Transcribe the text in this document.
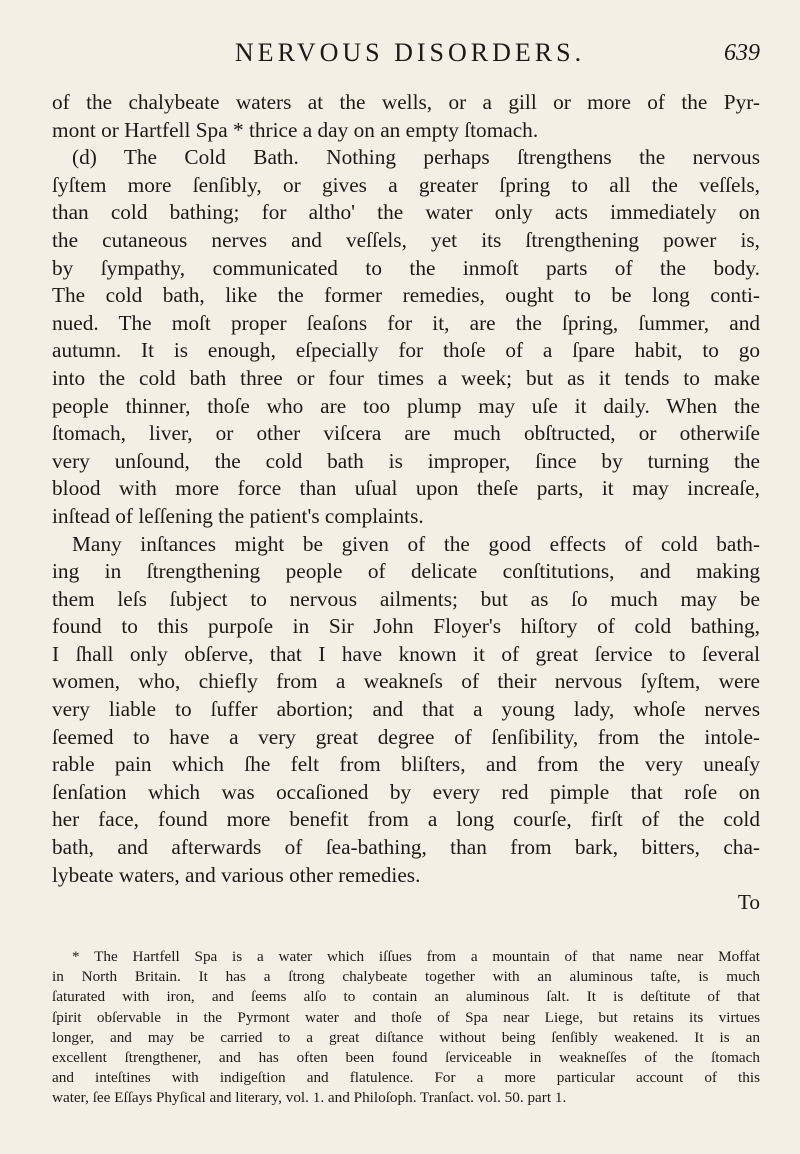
NERVOUS DISORDERS.	639
of the chalybeate waters at the wells, or a gill or more of the Pyr-
mont or Hartfell Spa * thrice a day on an empty ſtomach.
(d) The Cold Bath. Nothing perhaps ſtrengthens the nervous
ſyſtem more ſenſibly, or gives a greater ſpring to all the veſſels,
than cold bathing; for altho' the water only acts immediately on
the cutaneous nerves and veſſels, yet its ſtrengthening power is,
by ſympathy, communicated to the inmoſt parts of the body.
The cold bath, like the former remedies, ought to be long conti-
nued. The moſt proper ſeaſons for it, are the ſpring, ſummer, and
autumn. It is enough, eſpecially for thoſe of a ſpare habit, to go
into the cold bath three or four times a week; but as it tends to make
people thinner, thoſe who are too plump may uſe it daily. When the
ſtomach, liver, or other viſcera are much obſtructed, or otherwiſe
very unſound, the cold bath is improper, ſince by turning the
blood with more force than uſual upon theſe parts, it may increaſe,
inſtead of leſſening the patient's complaints.
Many inſtances might be given of the good effects of cold bath-
ing in ſtrengthening people of delicate conſtitutions, and making
them leſs ſubject to nervous ailments; but as ſo much may be
found to this purpoſe in Sir John Floyer's hiſtory of cold bathing,
I ſhall only obſerve, that I have known it of great ſervice to ſeveral
women, who, chiefly from a weakneſs of their nervous ſyſtem, were
very liable to ſuffer abortion; and that a young lady, whoſe nerves
ſeemed to have a very great degree of ſenſibility, from the intole-
rable pain which ſhe felt from bliſters, and from the very uneaſy
ſenſation which was occaſioned by every red pimple that roſe on
her face, found more benefit from a long courſe, firſt of the cold
bath, and afterwards of ſea-bathing, than from bark, bitters, cha-
lybeate waters, and various other remedies.
To
* The Hartfell Spa is a water which iſſues from a mountain of that name near Moffat
in North Britain. It has a ſtrong chalybeate together with an aluminous taſte, is much
ſaturated with iron, and ſeems alſo to contain an aluminous ſalt. It is deſtitute of that
ſpirit obſervable in the Pyrmont water and thoſe of Spa near Liege, but retains its virtues
longer, and may be carried to a great diſtance without being ſenſibly weakened. It is an
excellent ſtrengthener, and has often been found ſerviceable in weakneſſes of the ſtomach
and inteſtines with indigeſtion and flatulence. For a more particular account of this
water, ſee Eſſays Phyſical and literary, vol. 1. and Philoſoph. Tranſact. vol. 50. part 1.
